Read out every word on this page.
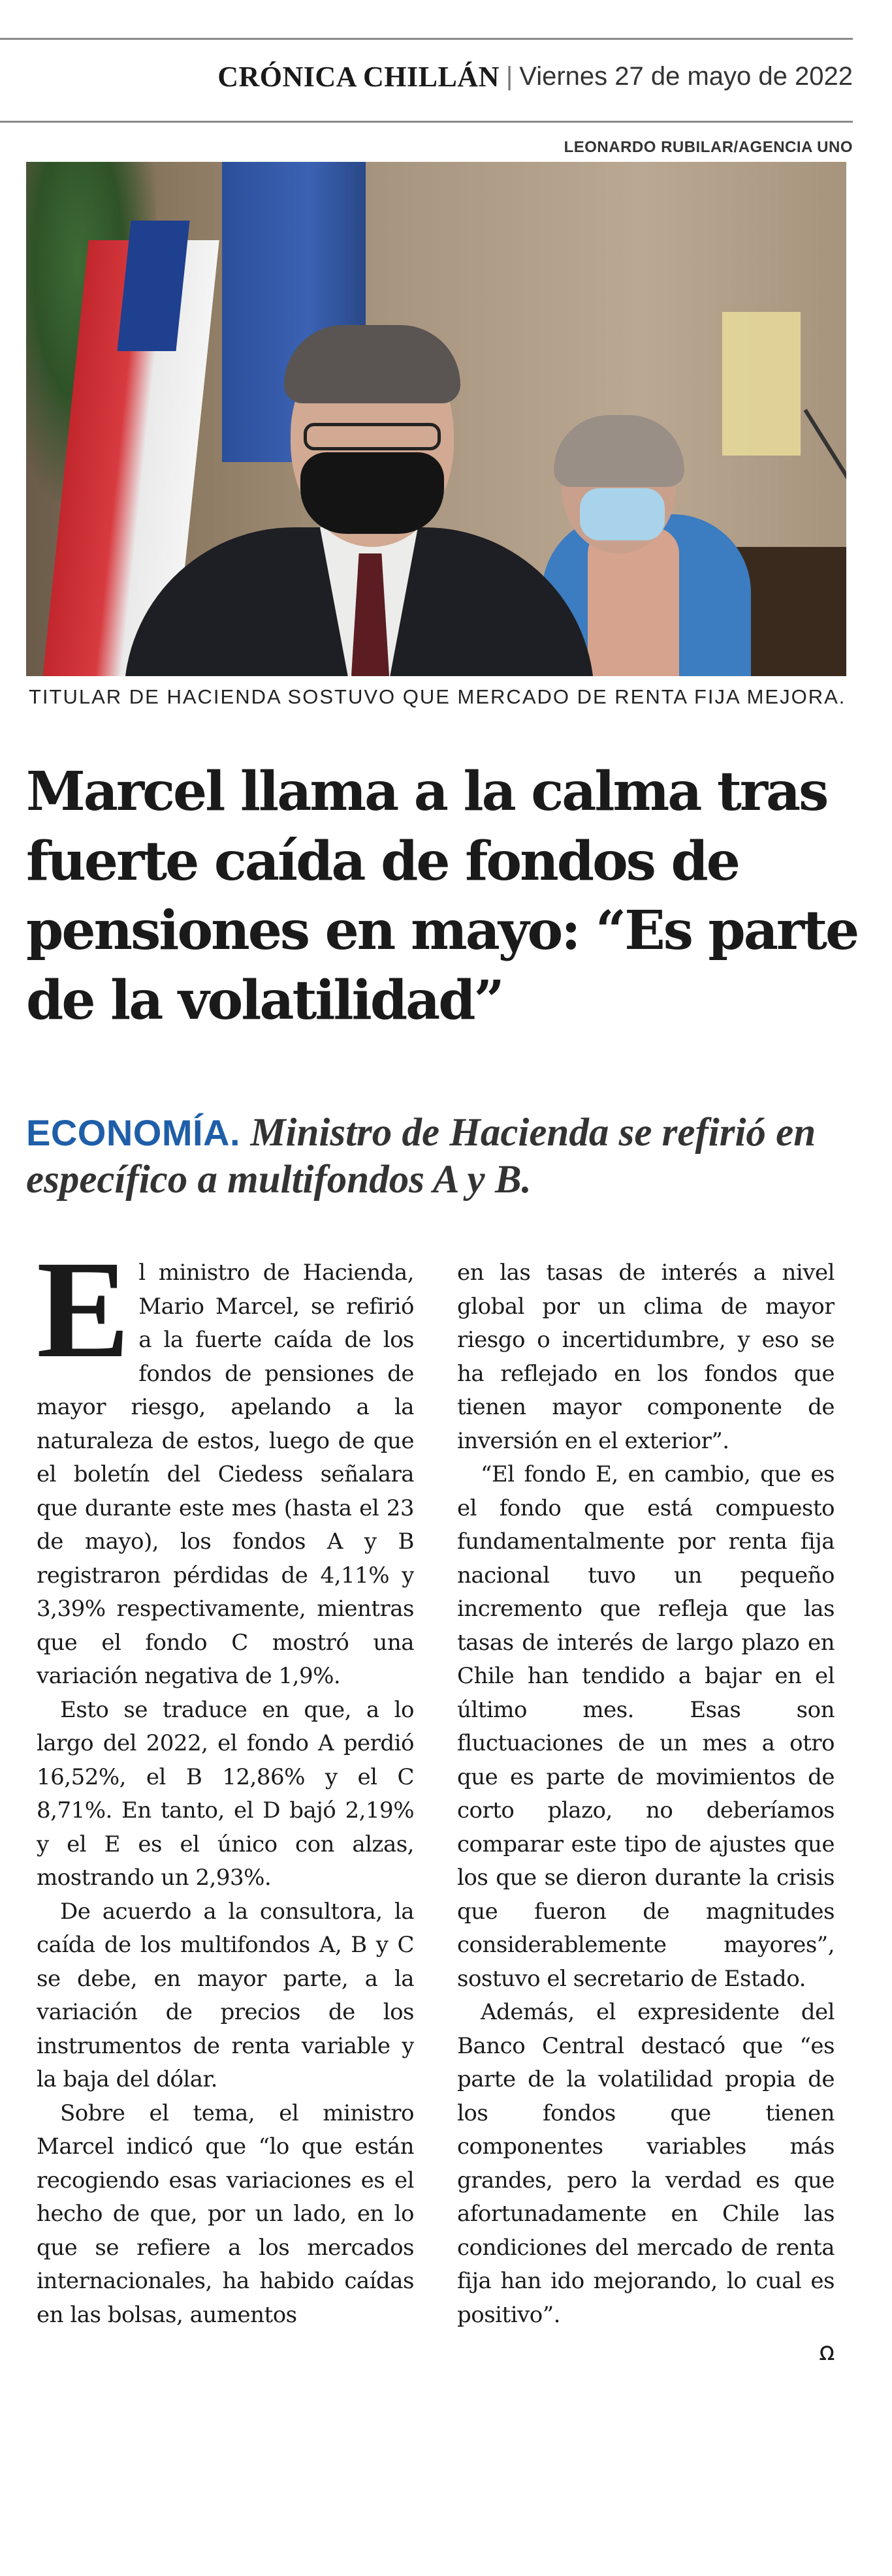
CRÓNICA CHILLÁN | Viernes 27 de mayo de 2022
LEONARDO RUBILAR/AGENCIA UNO
TITULAR DE HACIENDA SOSTUVO QUE MERCADO DE RENTA FIJA MEJORA.
Marcel llama a la calma tras fuerte caída de fondos de pensiones en mayo: “Es parte de la volatilidad”

ECONOMÍA. Ministro de Hacienda se refirió en específico a multifondos A y B.

El ministro de Hacienda, Mario Marcel, se refirió a la fuerte caída de los fondos de pensiones de mayor riesgo, apelando a la naturaleza de estos, luego de que el boletín del Ciedess señalara que durante este mes (hasta el 23 de mayo), los fondos A y B registraron pérdidas de 4,11% y 3,39% respectivamente, mientras que el fondo C mostró una variación negativa de 1,9%.

Esto se traduce en que, a lo largo del 2022, el fondo A perdió 16,52%, el B 12,86% y el C 8,71%. En tanto, el D bajó 2,19% y el E es el único con alzas, mostrando un 2,93%.

De acuerdo a la consultora, la caída de los multifondos A, B y C se debe, en mayor parte, a la variación de precios de los instrumentos de renta variable y la baja del dólar.

Sobre el tema, el ministro Marcel indicó que “lo que están recogiendo esas variaciones es el hecho de que, por un lado, en lo que se refiere a los mercados internacionales, ha habido caídas en las bolsas, aumentos

en las tasas de interés a nivel global por un clima de mayor riesgo o incertidumbre, y eso se ha reflejado en los fondos que tienen mayor componente de inversión en el exterior”.

“El fondo E, en cambio, que es el fondo que está compuesto fundamentalmente por renta fija nacional tuvo un pequeño incremento que refleja que las tasas de interés de largo plazo en Chile han tendido a bajar en el último mes. Esas son fluctuaciones de un mes a otro que es parte de movimientos de corto plazo, no deberíamos comparar este tipo de ajustes que los que se dieron durante la crisis que fueron de magnitudes considerablemente mayores”, sostuvo el secretario de Estado.

Además, el expresidente del Banco Central destacó que “es parte de la volatilidad propia de los fondos que tienen componentes variables más grandes, pero la verdad es que afortunadamente en Chile las condiciones del mercado de renta fija han ido mejorando, lo cual es positivo”.

ꭥ
